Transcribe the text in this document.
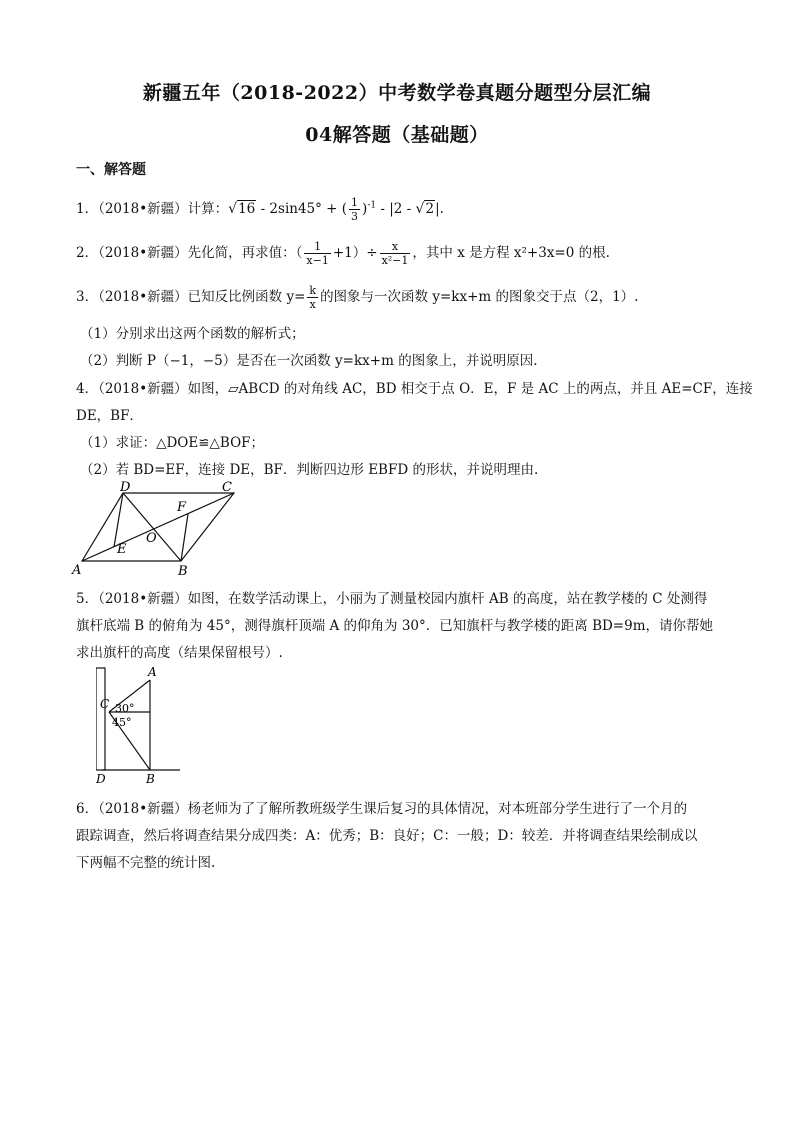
新疆五年（2018-2022）中考数学卷真题分题型分层汇编
04解答题（基础题）
一、解答题
1．（2018•新疆）计算：√16 - 2sin45° + ( $\frac{1}{3} )^{-1} - |2 - √2|$.
2．（2018•新疆）先化简，再求值：（ $\frac{1}{x-1} +1)\div \frac{x}{\text{x²−1}}$ ，其中 x 是方程 x²+3x=0 的根.
3．（2018•新疆）已知反比例函数 $y= \frac{k}{x}$ 的图象与一次函数 y=kx+m 的图象交于点（2，1）.
（1）分别求出这两个函数的解析式；
（2）判断 P（−1，−5）是否在一次函数 y=kx+m 的图象上，并说明原因.
4．（2018•新疆）如图，▱ABCD 的对角线 AC，BD 相交于点 O．E，F 是 AC 上的两点，并且 AE=CF，连接
DE，BF．
（1）求证：△DOE≌△BOF；
（2）若 BD=EF，连接 DE，BF．判断四边形 EBFD 的形状，并说明理由.
A	B
C
D
E
F
O
5．（2018•新疆）如图，在数学活动课上，小丽为了测量校园内旗杆 AB 的高度，站在教学楼的 C 处测得
旗杆底端 B 的俯角为 45°，测得旗杆顶端 A 的仰角为 30°．已知旗杆与教学楼的距离 BD=9m，请你帮她
求出旗杆的高度（结果保留根号）.
A
B
C
D
30°
45°
6．（2018•新疆）杨老师为了了解所教班级学生课后复习的具体情况，对本班部分学生进行了一个月的
跟踪调查，然后将调查结果分成四类：A：优秀；B：良好；C：一般；D：较差．并将调查结果绘制成以
下两幅不完整的统计图.
